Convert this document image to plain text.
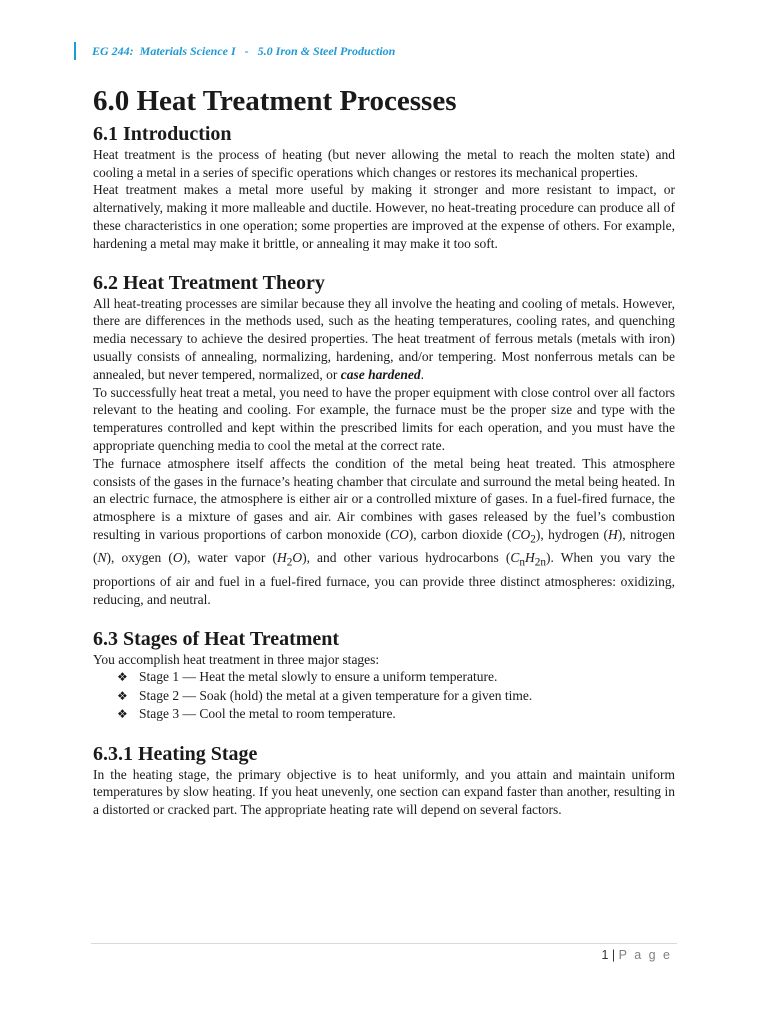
EG 244:  Materials Science I
-
5.0 Iron & Steel Production
6.0 Heat Treatment Processes
6.1 Introduction

Heat treatment is the process of heating (but never allowing the metal to reach the molten state) and cooling a metal in a series of specific operations which changes or restores its mechanical properties.

Heat treatment makes a metal more useful by making it stronger and more resistant to impact, or alternatively, making it more malleable and ductile. However, no heat-treating procedure can produce all of these characteristics in one operation; some properties are improved at the expense of others. For example, hardening a metal may make it brittle, or annealing it may make it too soft.

6.2 Heat Treatment Theory

All heat-treating processes are similar because they all involve the heating and cooling of metals. However, there are differences in the methods used, such as the heating temperatures, cooling rates, and quenching media necessary to achieve the desired properties. The heat treatment of ferrous metals (metals with iron) usually consists of annealing, normalizing, hardening, and/or tempering. Most nonferrous metals can be annealed, but never tempered, normalized, or case hardened.

To successfully heat treat a metal, you need to have the proper equipment with close control over all factors relevant to the heating and cooling. For example, the furnace must be the proper size and type with the temperatures controlled and kept within the prescribed limits for each operation, and you must have the appropriate quenching media to cool the metal at the correct rate.

The furnace atmosphere itself affects the condition of the metal being heat treated. This atmosphere consists of the gases in the furnace’s heating chamber that circulate and surround the metal being heated. In an electric furnace, the atmosphere is either air or a controlled mixture of gases. In a fuel-fired furnace, the atmosphere is a mixture of gases and air. Air combines with gases released by the fuel’s combustion resulting in various proportions of carbon monoxide (CO), carbon dioxide $(CO_2)$, hydrogen (H), nitrogen (N), oxygen (O), water vapor $(H_2O)$, and other various hydrocarbons $(C_nH_{2n})$. When you vary the proportions of air and fuel in a fuel-fired furnace, you can provide three distinct atmospheres: oxidizing, reducing, and neutral.

6.3 Stages of Heat Treatment

You accomplish heat treatment in three major stages:

❖ Stage 1 — Heat the metal slowly to ensure a uniform temperature.
❖ Stage 2 — Soak (hold) the metal at a given temperature for a given time.
❖ Stage 3 — Cool the metal to room temperature.
6.3.1 Heating Stage

In the heating stage, the primary objective is to heat uniformly, and you attain and maintain uniform temperatures by slow heating. If you heat unevenly, one section can expand faster than another, resulting in a distorted or cracked part. The appropriate heating rate will depend on several factors.

1 | P a g e
